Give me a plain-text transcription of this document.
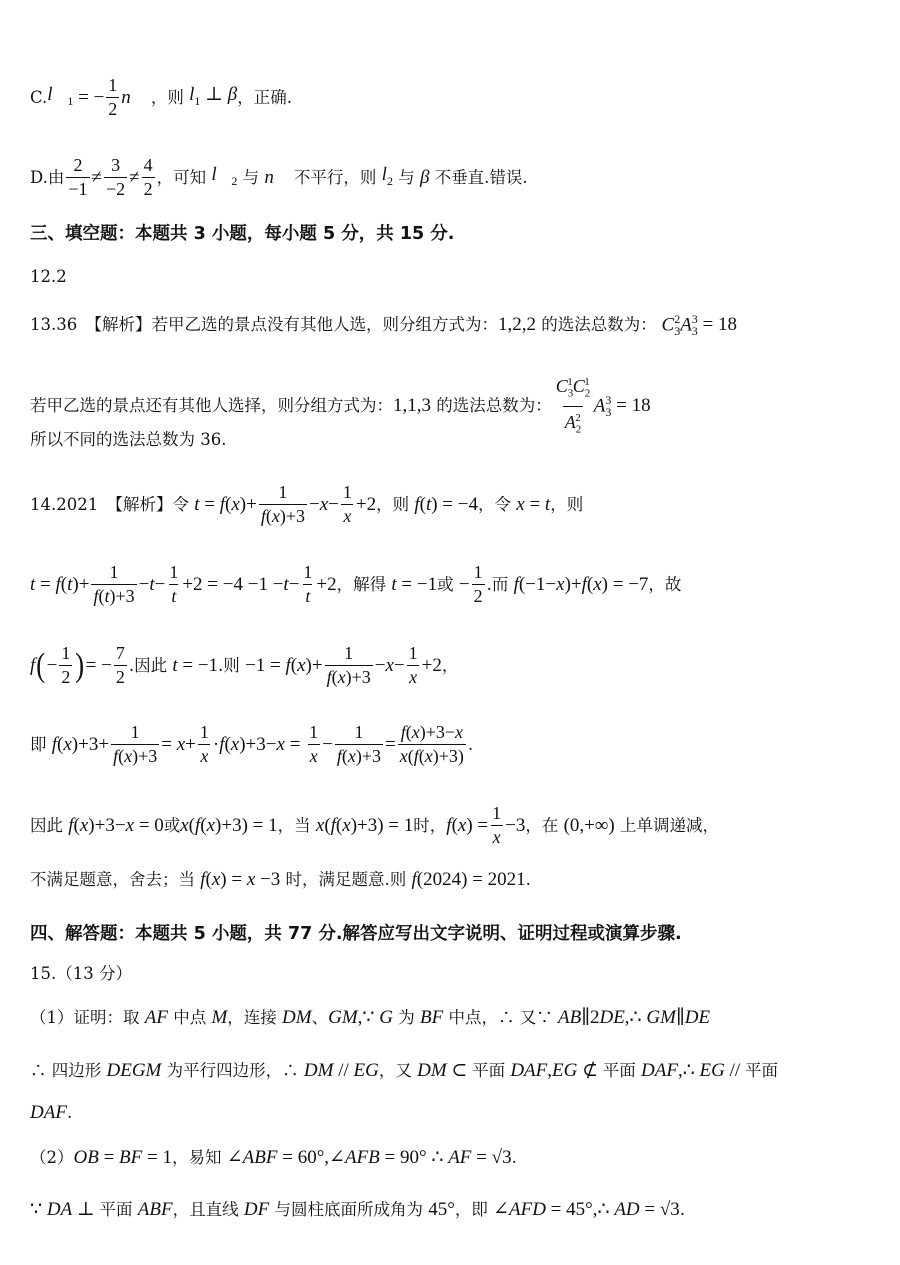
C. $l⃗_1$ = − $\frac{1}{2}$ n⃗ ，则 $l_1$ ⊥ β ，正确.
D.由 $\frac{2}{-1} \ne \frac{3}{-2} \ne \frac{4}{2}$ ，可知 $l⃗_2$ 与 n⃗ 不平行，则 $l_2$ 与 β 不垂直.错误.
三、填空题：本题共 3 小题，每小题 5 分，共 15 分.
12.2
13.36　【解析】若甲乙选的景点没有其他人选，则分组方式为： 1,2,2 的选法总数为： $C_3^2A_3^3 = 18$
若甲乙选的景点还有其他人选择，则分组方式为： 1,1,3 的选法总数为： $\frac{C_3^1C_2^1}{A_2^2} A_3^3 = 18$
所以不同的选法总数为 36.
14.2021　【解析】令 t = f ( x )+ $\frac{1}{f(x)+3} - x - \frac{1}{x} +2$ ，则 f ( t ) = −4 ，令 x = t ，则
t = f ( t )+ $\frac{1}{f(t)+3} - t - \frac{1}{t} +2 = -4 -1 - t - \frac{1}{t} +2$ ，解得 t = −1 或 − $\frac{1}{2}$ .而 f (−1− x )+ f ( x ) = −7 ，故
f ( − $\frac{1}{2}$ ) = − $\frac{7}{2}$ .因此 t = −1 .则 −1 = f ( x )+ $\frac{1}{f(x)+3} - x - \frac{1}{x} +2$ ，
即 f ( x )$+3+ \frac{1}{f(x)+3} = x + \frac{1}{x} \cdot f$ ( x )$+3- x = \frac{1}{x} - \frac{1}{f(x)+3} = \frac{f(x)+3-x}{x(f(x)+3)}$ .
因此 f ( x )+3− x = 0 或 x ( f ( x )+3) = 1 ，当 x ( f ( x )+3) = 1 时， f ( x ) = $\frac{1}{x} -3$ ，在 (0,+∞) 上单调递减，
不满足题意，舍去；当 f ( x ) = x −3 时，满足题意.则 f (2024) = 2021 .
四、解答题：本题共 5 小题，共 77 分.解答应写出文字说明、证明过程或演算步骤.
15.（13 分）
（1）证明：取 AF 中点 M ，连接 DM 、 GM ,∵ G 为 BF 中点，∴ 又∵ AB ∥ 2 DE ,∴ GM ∥ DE
∴ 四边形 DEGM 为平行四边形，∴ DM // EG ，又 DM ⊂ 平面 DAF , EG ⊄ 平面 DAF ,∴ EG // 平面
DAF .
（2） OB = BF = 1 ，易知 ∠ ABF = 60°,∠ AFB = 90° ∴ AF = √3 .
∵ DA ⊥ 平面 ABF ，且直线 DF 与圆柱底面所成角为 45° ，即 ∠ AFD = 45°,∴ AD = √3 .
